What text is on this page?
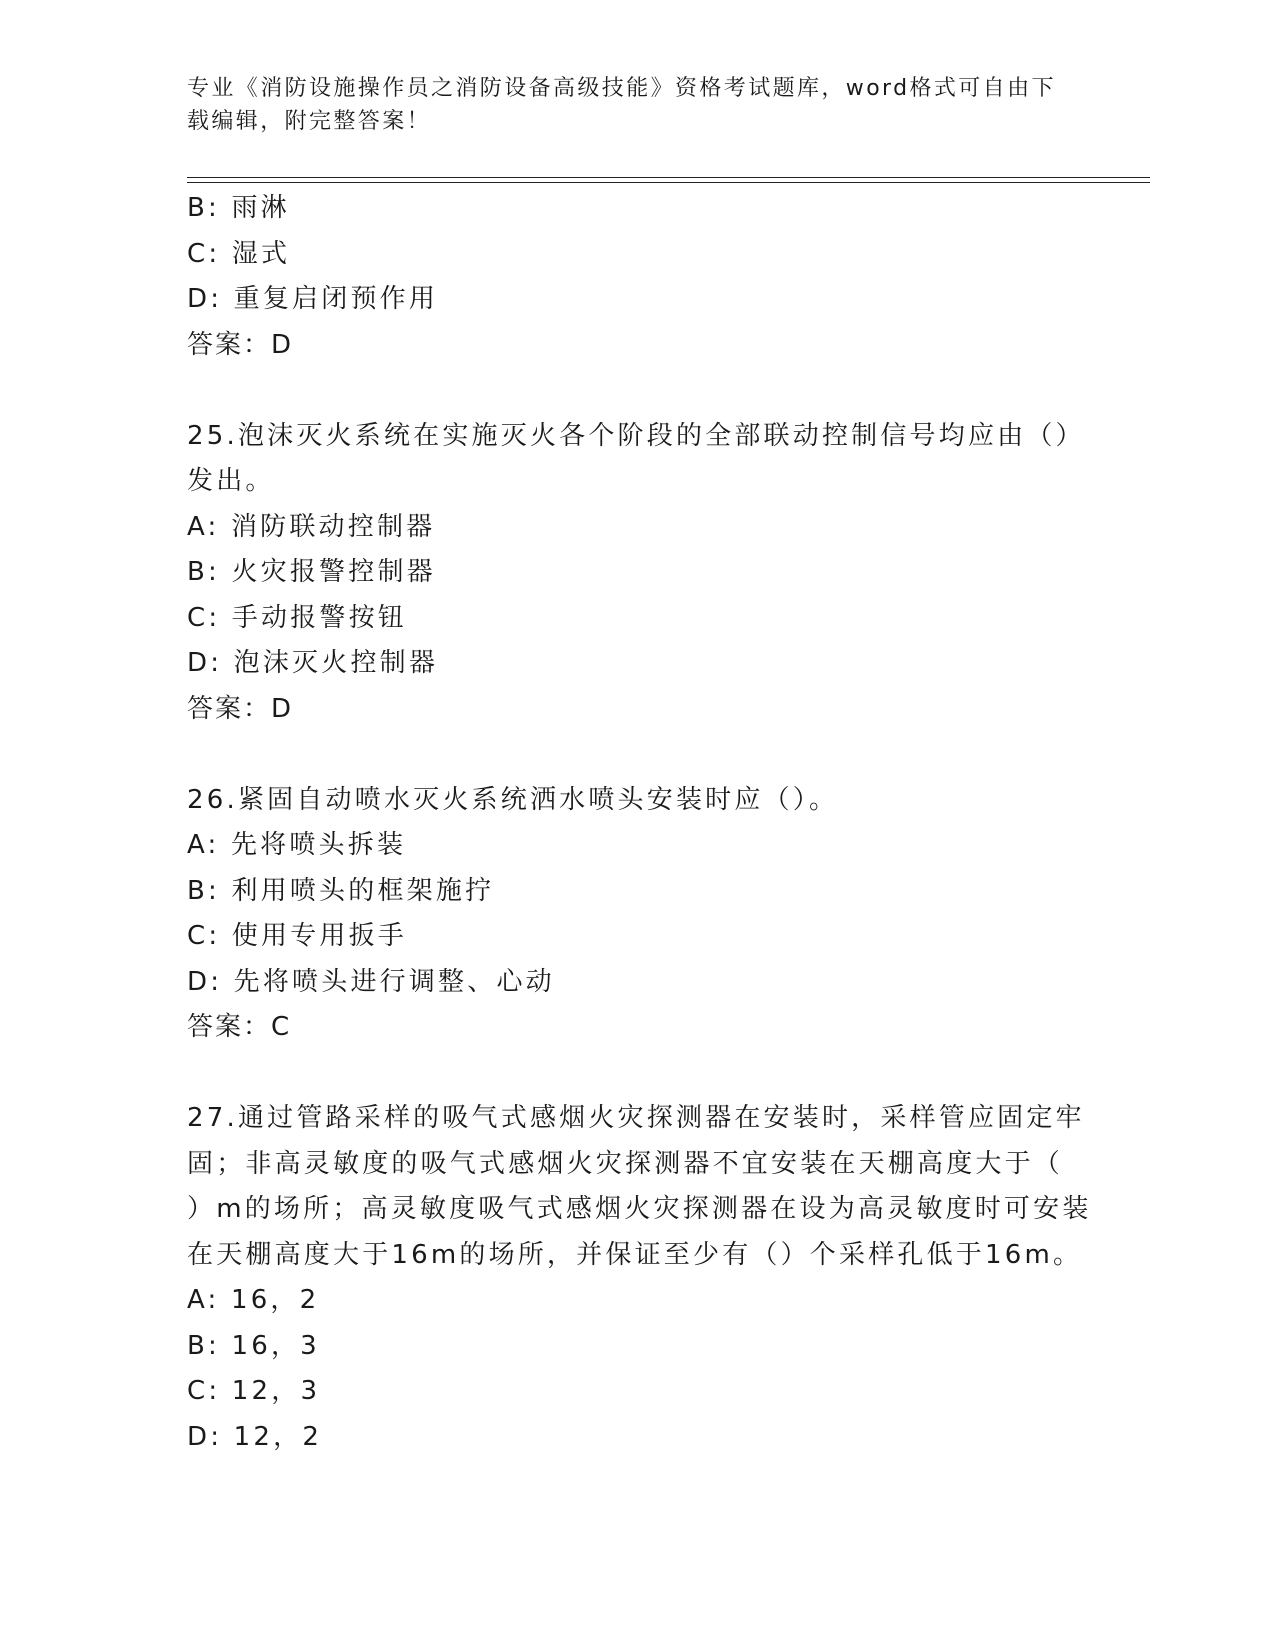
专业《消防设施操作员之消防设备高级技能》资格考试题库，word格式可自由下
载编辑，附完整答案！
B: 雨淋
C: 湿式
D: 重复启闭预作用
答案：D
25.泡沫灭火系统在实施灭火各个阶段的全部联动控制信号均应由（）
发出。
A: 消防联动控制器
B: 火灾报警控制器
C: 手动报警按钮
D: 泡沫灭火控制器
答案：D
26.紧固自动喷水灭火系统洒水喷头安装时应（）。
A: 先将喷头拆装
B: 利用喷头的框架施拧
C: 使用专用扳手
D: 先将喷头进行调整、心动
答案：C
27.通过管路采样的吸气式感烟火灾探测器在安装时，采样管应固定牢
固；非高灵敏度的吸气式感烟火灾探测器不宜安装在天棚高度大于（
）m的场所；高灵敏度吸气式感烟火灾探测器在设为高灵敏度时可安装
在天棚高度大于16m的场所，并保证至少有（）个采样孔低于16m。
A: 16，2
B: 16，3
C: 12，3
D: 12，2
